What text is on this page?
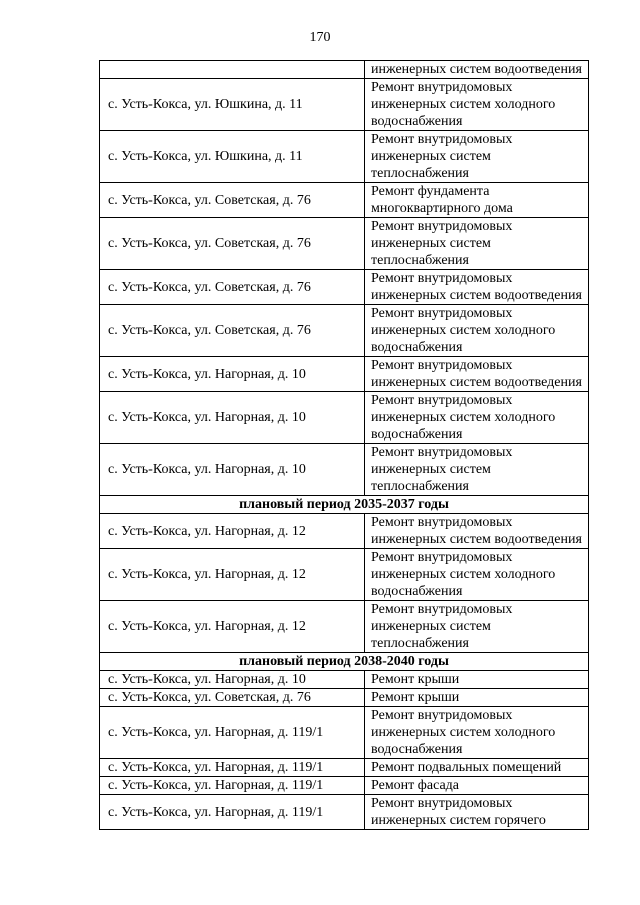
170

	инженерных систем водоотведения

с. Усть-Кокса, ул. Юшкина, д. 11	Ремонт внутридомовых
инженерных систем холодного
водоснабжения

с. Усть-Кокса, ул. Юшкина, д. 11	Ремонт внутридомовых
инженерных систем
теплоснабжения

с. Усть-Кокса, ул. Советская, д. 76	Ремонт фундамента
многоквартирного дома

с. Усть-Кокса, ул. Советская, д. 76	Ремонт внутридомовых
инженерных систем
теплоснабжения

с. Усть-Кокса, ул. Советская, д. 76	Ремонт внутридомовых
инженерных систем водоотведения

с. Усть-Кокса, ул. Советская, д. 76	Ремонт внутридомовых
инженерных систем холодного
водоснабжения

с. Усть-Кокса, ул. Нагорная, д. 10	Ремонт внутридомовых
инженерных систем водоотведения

с. Усть-Кокса, ул. Нагорная, д. 10	Ремонт внутридомовых
инженерных систем холодного
водоснабжения

с. Усть-Кокса, ул. Нагорная, д. 10	Ремонт внутридомовых
инженерных систем
теплоснабжения

плановый период 2035-2037 годы	
с. Усть-Кокса, ул. Нагорная, д. 12	Ремонт внутридомовых
инженерных систем водоотведения

с. Усть-Кокса, ул. Нагорная, д. 12	Ремонт внутридомовых
инженерных систем холодного
водоснабжения

с. Усть-Кокса, ул. Нагорная, д. 12	Ремонт внутридомовых
инженерных систем
теплоснабжения

плановый период 2038-2040 годы	
с. Усть-Кокса, ул. Нагорная, д. 10	Ремонт крыши

с. Усть-Кокса, ул. Советская, д. 76	Ремонт крыши

с. Усть-Кокса, ул. Нагорная, д. 119/1	Ремонт внутридомовых
инженерных систем холодного
водоснабжения

с. Усть-Кокса, ул. Нагорная, д. 119/1	Ремонт подвальных помещений

с. Усть-Кокса, ул. Нагорная, д. 119/1	Ремонт фасада

с. Усть-Кокса, ул. Нагорная, д. 119/1	Ремонт внутридомовых
инженерных систем горячего
